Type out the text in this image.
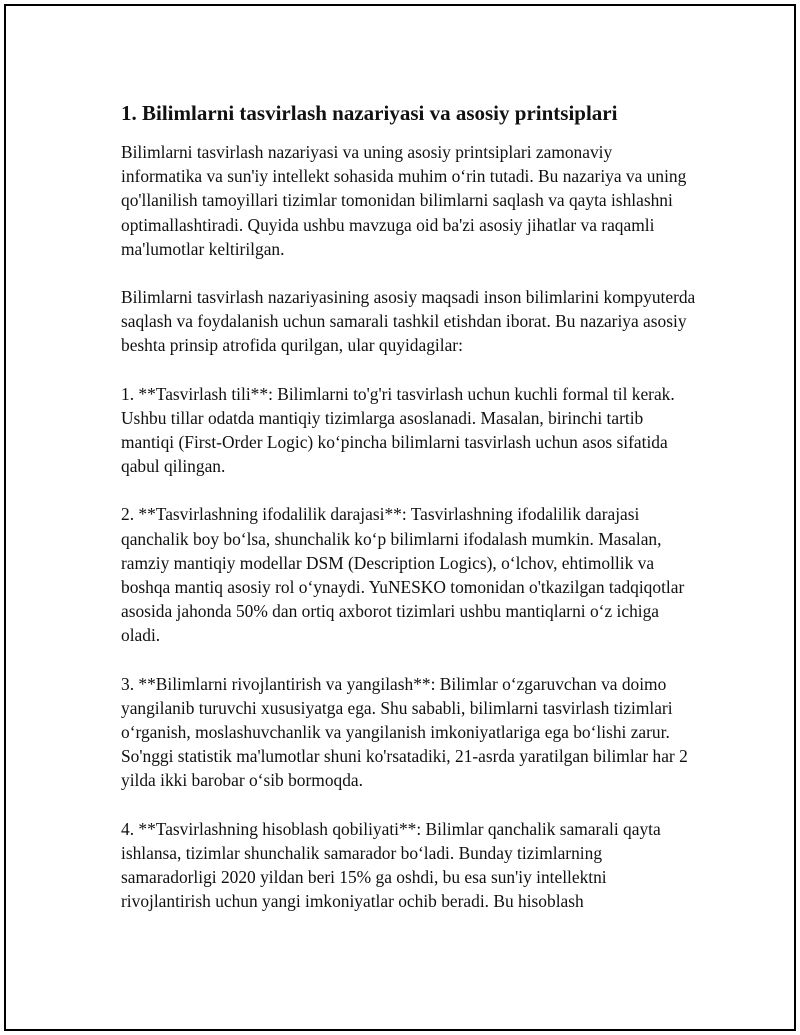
1. Bilimlarni tasvirlash nazariyasi va asosiy printsiplari

Bilimlarni tasvirlash nazariyasi va uning asosiy printsiplari zamonaviy informatika va sun'iy intellekt sohasida muhim o‘rin tutadi. Bu nazariya va uning qo'llanilish tamoyillari tizimlar tomonidan bilimlarni saqlash va qayta ishlashni optimallashtiradi. Quyida ushbu mavzuga oid ba'zi asosiy jihatlar va raqamli ma'lumotlar keltirilgan.

Bilimlarni tasvirlash nazariyasining asosiy maqsadi inson bilimlarini kompyuterda saqlash va foydalanish uchun samarali tashkil etishdan iborat. Bu nazariya asosiy beshta prinsip atrofida qurilgan, ular quyidagilar:

1. **Tasvirlash tili**: Bilimlarni to'g'ri tasvirlash uchun kuchli formal til kerak. Ushbu tillar odatda mantiqiy tizimlarga asoslanadi. Masalan, birinchi tartib mantiqi (First-Order Logic) ko‘pincha bilimlarni tasvirlash uchun asos sifatida qabul qilingan.

2. **Tasvirlashning ifodalilik darajasi**: Tasvirlashning ifodalilik darajasi qanchalik boy bo‘lsa, shunchalik ko‘p bilimlarni ifodalash mumkin. Masalan, ramziy mantiqiy modellar DSM (Description Logics), o‘lchov, ehtimollik va boshqa mantiq asosiy rol o‘ynaydi. YuNESKO tomonidan o'tkazilgan tadqiqotlar asosida jahonda 50% dan ortiq axborot tizimlari ushbu mantiqlarni o‘z ichiga oladi.

3. **Bilimlarni rivojlantirish va yangilash**: Bilimlar o‘zgaruvchan va doimo yangilanib turuvchi xususiyatga ega. Shu sababli, bilimlarni tasvirlash tizimlari o‘rganish, moslashuvchanlik va yangilanish imkoniyatlariga ega bo‘lishi zarur. So'nggi statistik ma'lumotlar shuni ko'rsatadiki, 21-asrda yaratilgan bilimlar har 2 yilda ikki barobar o‘sib bormoqda.

4. **Tasvirlashning hisoblash qobiliyati**: Bilimlar qanchalik samarali qayta ishlansa, tizimlar shunchalik samarador bo‘ladi. Bunday tizimlarning samaradorligi 2020 yildan beri 15% ga oshdi, bu esa sun'iy intellektni rivojlantirish uchun yangi imkoniyatlar ochib beradi. Bu hisoblash
